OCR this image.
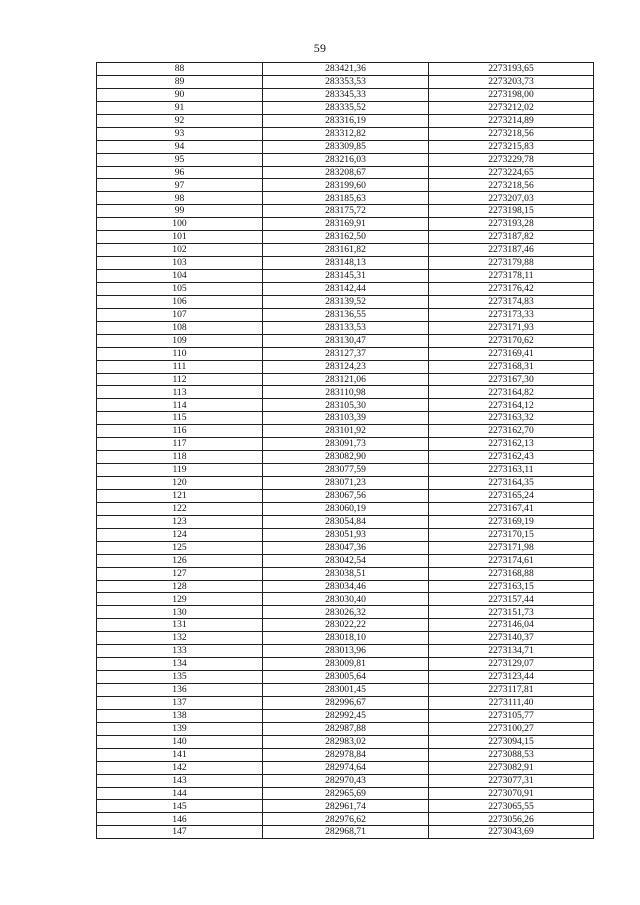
59
88	283421,36	2273193,65
89	283353,53	2273203,73
90	283345,33	2273198,00
91	283335,52	2273212,02
92	283316,19	2273214,89
93	283312,82	2273218,56
94	283309,85	2273215,83
95	283216,03	2273229,78
96	283208,67	2273224,65
97	283199,60	2273218,56
98	283185,63	2273207,03
99	283175,72	2273198,15
100	283169,91	2273193,28
101	283162,50	2273187,82
102	283161,82	2273187,46
103	283148,13	2273179,88
104	283145,31	2273178,11
105	283142,44	2273176,42
106	283139,52	2273174,83
107	283136,55	2273173,33
108	283133,53	2273171,93
109	283130,47	2273170,62
110	283127,37	2273169,41
111	283124,23	2273168,31
112	283121,06	2273167,30
113	283110,98	2273164,82
114	283105,30	2273164,12
115	283103,39	2273163,32
116	283101,92	2273162,70
117	283091,73	2273162,13
118	283082,90	2273162,43
119	283077,59	2273163,11
120	283071,23	2273164,35
121	283067,56	2273165,24
122	283060,19	2273167,41
123	283054,84	2273169,19
124	283051,93	2273170,15
125	283047,36	2273171,98
126	283042,54	2273174,61
127	283038,51	2273168,88
128	283034,46	2273163,15
129	283030,40	2273157,44
130	283026,32	2273151,73
131	283022,22	2273146,04
132	283018,10	2273140,37
133	283013,96	2273134,71
134	283009,81	2273129,07
135	283005,64	2273123,44
136	283001,45	2273117,81
137	282996,67	2273111,40
138	282992,45	2273105,77
139	282987,88	2273100,27
140	282983,02	2273094,15
141	282978,84	2273088,53
142	282974,64	2273082,91
143	282970,43	2273077,31
144	282965,69	2273070,91
145	282961,74	2273065,55
146	282976,62	2273056,26
147	282968,71	2273043,69
